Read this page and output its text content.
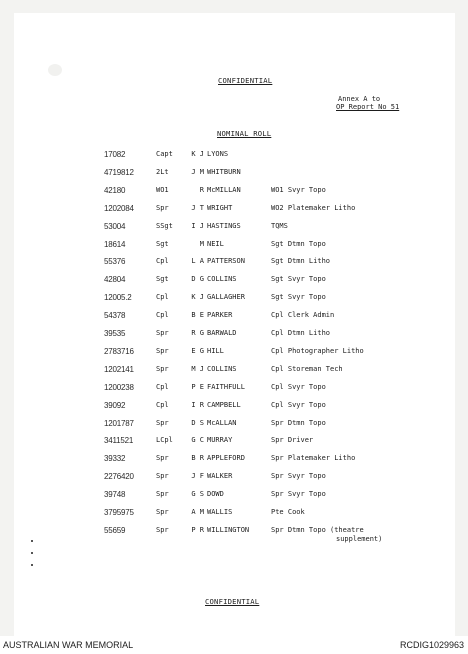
CONFIDENTIAL
Annex A to
OP Report No 51
NOMINAL ROLL
17082	Capt	K J LYONS
4719812	2Lt	J M WHITBURN
42180	WO1	R McMILLAN	WO1 Svyr Topo
1202084	Spr	J T WRIGHT	WO2 Platemaker Litho
53004	SSgt	I J HASTINGS	TQMS
18614	Sgt	M NEIL	Sgt Dtmn Topo
55376	Cpl	L A PATTERSON	Sgt Dtmn Litho
42804	Sgt	D G COLLINS	Sgt Svyr Topo
12005.2	Cpl	K J GALLAGHER	Sgt Svyr Topo
54378	Cpl	B E PARKER	Cpl Clerk Admin
39535	Spr	R G BARWALD	Cpl Dtmn Litho
2783716	Spr	E G HILL	Cpl Photographer Litho
1202141	Spr	M J COLLINS	Cpl Storeman Tech
1200238	Cpl	P E FAITHFULL	Cpl Svyr Topo
39092	Cpl	I R CAMPBELL	Cpl Svyr Topo
1201787	Spr	D S McALLAN	Spr Dtmn Topo
3411521	LCpl	G C MURRAY	Spr Driver
39332	Spr	B R APPLEFORD	Spr Platemaker Litho
2276420	Spr	J F WALKER	Spr Svyr Topo
39748	Spr	G S DOWD	Spr Svyr Topo
3795975	Spr	A M WALLIS	Pte Cook
55659	Spr	P R WILLINGTON	Spr Dtmn Topo (theatre
supplement)
CONFIDENTIAL
AUSTRALIAN WAR MEMORIAL	RCDIG1029963
